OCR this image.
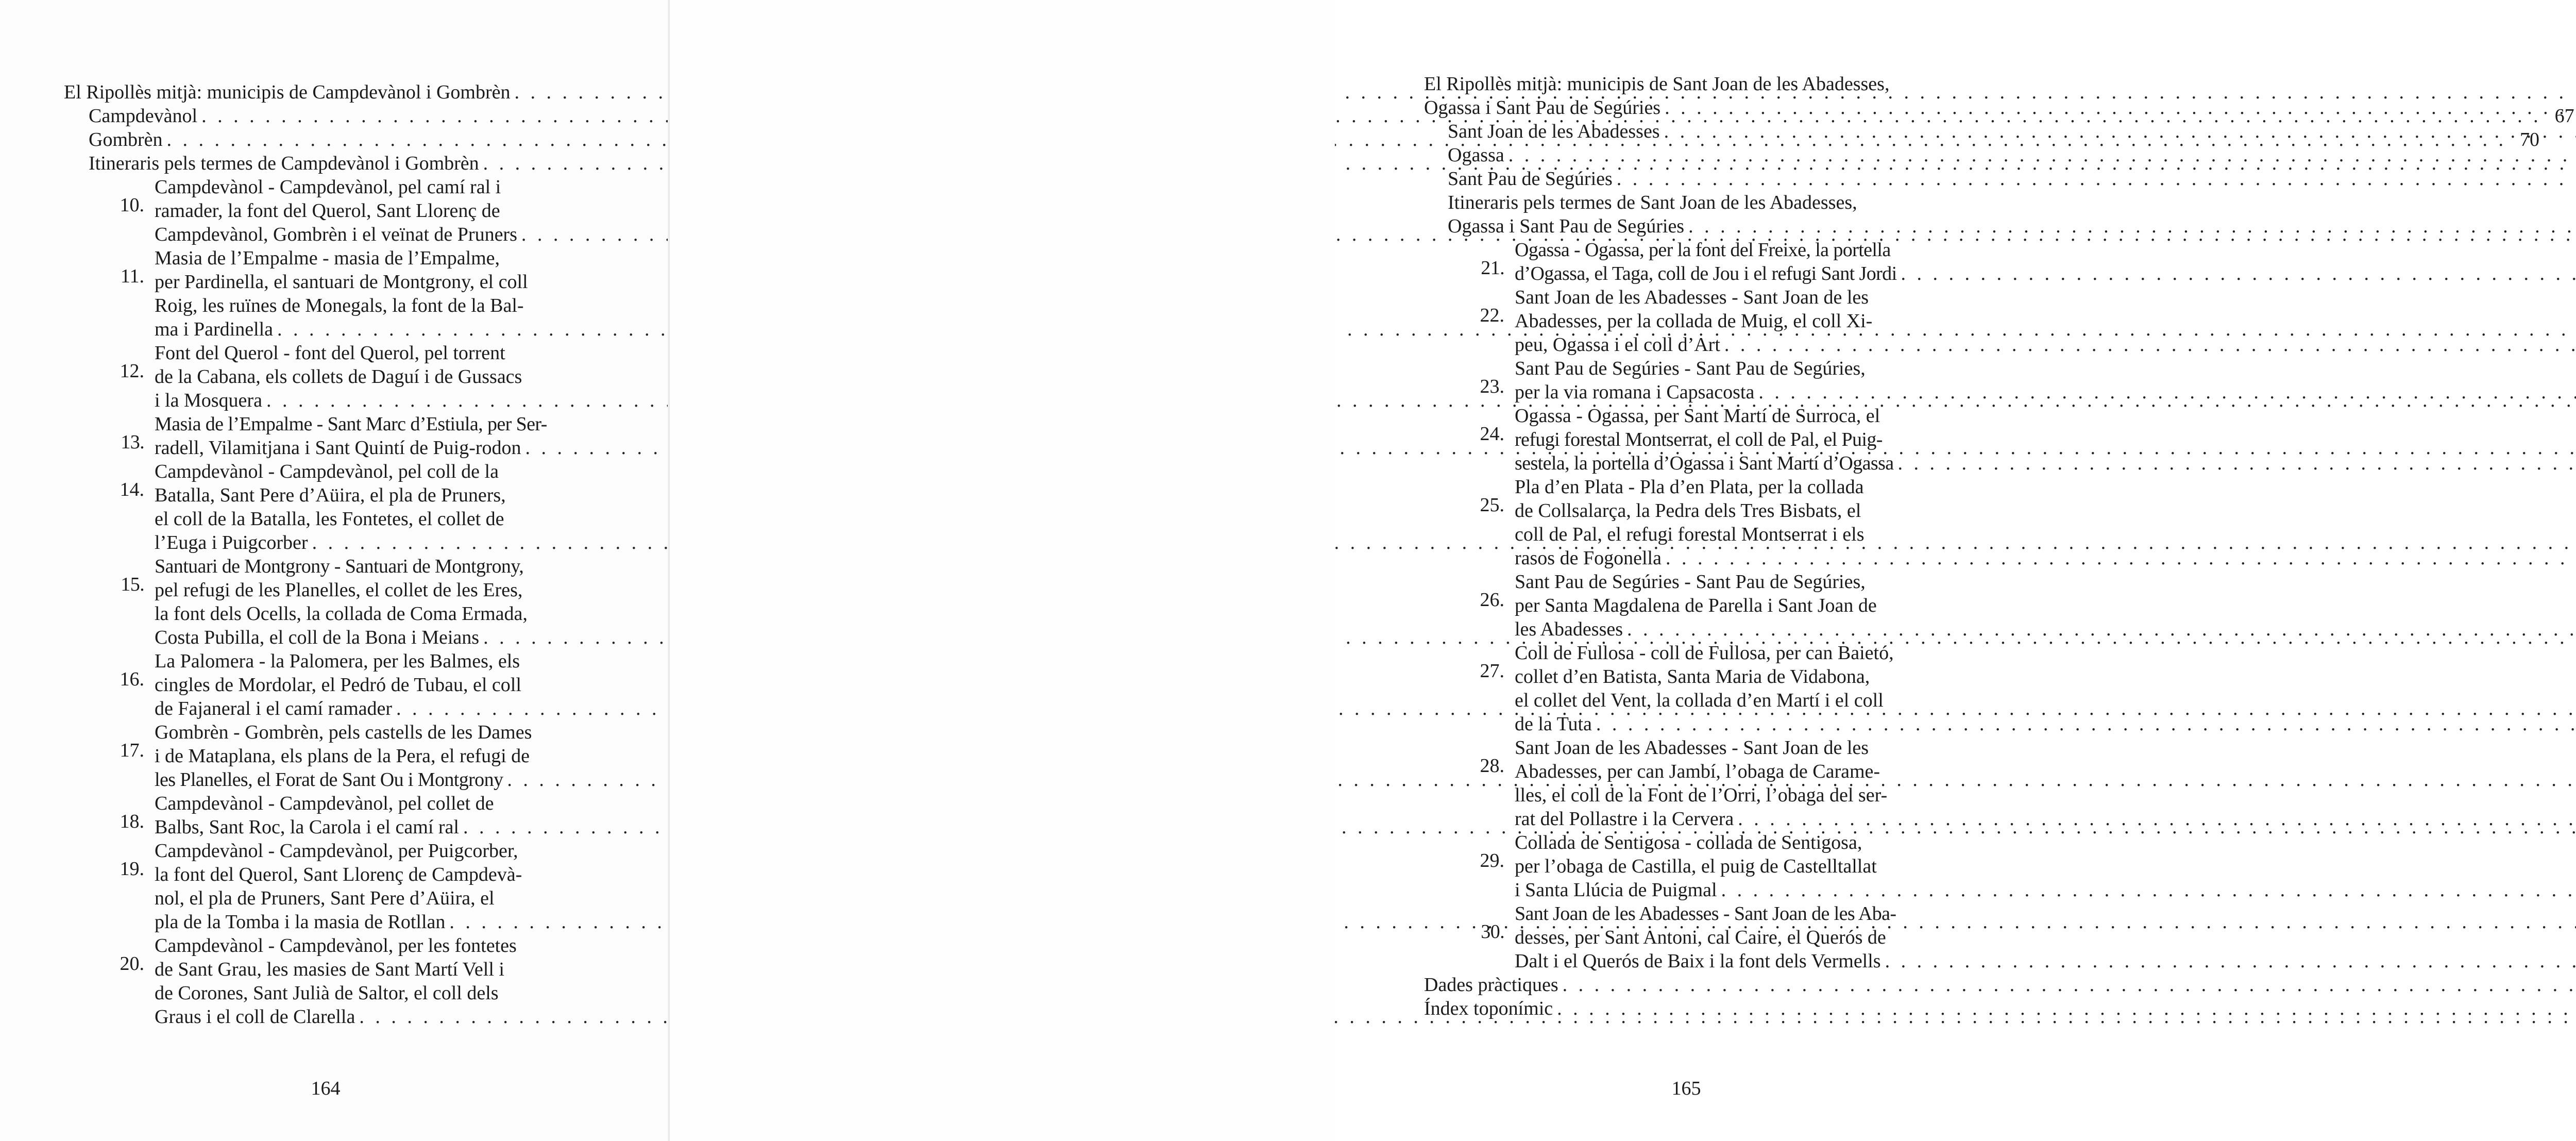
El Ripollès mitjà: municipis de Campdevànol i Gombrèn
. . .
Campdevànol . . .	67
Gombrèn . . .	70
Itineraris pels termes de Campdevànol i Gombrèn
. . .
10.
Campdevànol - Campdevànol, pel camí ral i
ramader, la font del Querol, Sant Llorenç de
Campdevànol, Gombrèn i el veïnat de Pruners
. . .
11.
Masia de l’Empalme - masia de l’Empalme,
per Pardinella, el santuari de Montgrony, el coll
Roig, les ruïnes de Monegals, la font de la Bal-
ma i Pardinella
. . .
12.
Font del Querol - font del Querol, pel torrent
de la Cabana, els collets de Daguí i de Gussacs
i la Mosquera
. . .
13.
Masia de l’Empalme - Sant Marc d’Estiula, per Ser-
radell, Vilamitjana i Sant Quintí de Puig-rodon
. . .
14.
Campdevànol - Campdevànol, pel coll de la
Batalla, Sant Pere d’Aüira, el pla de Pruners,
el coll de la Batalla, les Fontetes, el collet de
l’Euga i Puigcorber
. . .
15.
Santuari de Montgrony - Santuari de Montgrony,
pel refugi de les Planelles, el collet de les Eres,
la font dels Ocells, la collada de Coma Ermada,
Costa Pubilla, el coll de la Bona i Meians
. . .
16.
La Palomera - la Palomera, per les Balmes, els
cingles de Mordolar, el Pedró de Tubau, el coll
de Fajaneral i el camí ramader
. . .
17.
Gombrèn - Gombrèn, pels castells de les Dames
i de Mataplana, els plans de la Pera, el refugi de
les Planelles, el Forat de Sant Ou i Montgrony
. . .
18.
Campdevànol - Campdevànol, pel collet de
Balbs, Sant Roc, la Carola i el camí ral
. . .
19.
Campdevànol - Campdevànol, per Puigcorber,
la font del Querol, Sant Llorenç de Campdevà-
nol, el pla de Pruners, Sant Pere d’Aüira, el
pla de la Tomba i la masia de Rotllan
. . .
20.
Campdevànol - Campdevànol, per les fontetes
de Sant Grau, les masies de Sant Martí Vell i
de Corones, Sant Julià de Saltor, el coll dels
Graus i el coll de Clarella
. . .
164
El Ripollès mitjà: municipis de Sant Joan de les Abadesses,
Ogassa i Sant Pau de Segúries
. . .
Sant Joan de les Abadesses
. . .
Ogassa
. . .
Sant Pau de Segúries
. . .
Itineraris pels termes de Sant Joan de les Abadesses,
Ogassa i Sant Pau de Segúries
. . .
21.
Ogassa - Ogassa, per la font del Freixe, la portella
d’Ogassa, el Taga, coll de Jou i el refugi Sant Jordi
. . .
22.
Sant Joan de les Abadesses - Sant Joan de les
Abadesses, per la collada de Muig, el coll Xi-
peu, Ogassa i el coll d’Art
. . .
23.
Sant Pau de Segúries - Sant Pau de Segúries,
per la via romana i Capsacosta
. . .
24.
Ogassa - Ogassa, per Sant Martí de Surroca, el
refugi forestal Montserrat, el coll de Pal, el Puig-
sestela, la portella d’Ogassa i Sant Martí d’Ogassa
. . .
25.
Pla d’en Plata - Pla d’en Plata, per la collada
de Collsalarça, la Pedra dels Tres Bisbats, el
coll de Pal, el refugi forestal Montserrat i els
rasos de Fogonella
. . .
26.
Sant Pau de Segúries - Sant Pau de Segúries,
per Santa Magdalena de Parella i Sant Joan de
les Abadesses
. . .
27.
Coll de Fullosa - coll de Fullosa, per can Baietó,
collet d’en Batista, Santa Maria de Vidabona,
el collet del Vent, la collada d’en Martí i el coll
de la Tuta
. . .
28.
Sant Joan de les Abadesses - Sant Joan de les
Abadesses, per can Jambí, l’obaga de Carame-
lles, el coll de la Font de l’Orri, l’obaga del ser-
rat del Pollastre i la Cervera
. . .
29.
Collada de Sentigosa - collada de Sentigosa,
per l’obaga de Castilla, el puig de Castelltallat
i Santa Llúcia de Puigmal
. . .
30.
Sant Joan de les Abadesses - Sant Joan de les Aba-
desses, per Sant Antoni, cal Caire, el Querós de
Dalt i el Querós de Baix i la font dels Vermells
. . .
Dades pràctiques
. . .
Índex toponímic
. . .
165
